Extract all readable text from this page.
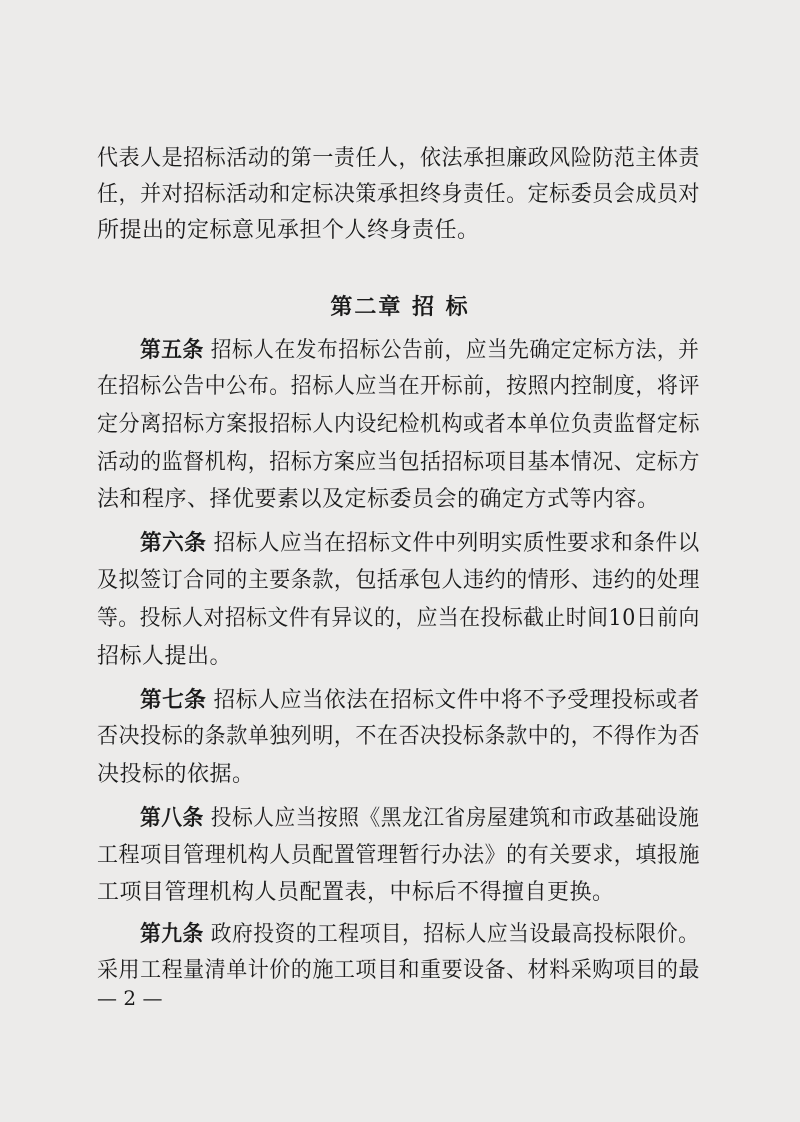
代表人是招标活动的第一责任人，依法承担廉政风险防范主体责
任，并对招标活动和定标决策承担终身责任。定标委员会成员对
所提出的定标意见承担个人终身责任。
第二章 招 标
第五条 招标人在发布招标公告前，应当先确定定标方法，并
在招标公告中公布。招标人应当在开标前，按照内控制度，将评
定分离招标方案报招标人内设纪检机构或者本单位负责监督定标
活动的监督机构，招标方案应当包括招标项目基本情况、定标方
法和程序、择优要素以及定标委员会的确定方式等内容。
第六条 招标人应当在招标文件中列明实质性要求和条件以
及拟签订合同的主要条款，包括承包人违约的情形、违约的处理
等。投标人对招标文件有异议的，应当在投标截止时间10日前向
招标人提出。
第七条 招标人应当依法在招标文件中将不予受理投标或者
否决投标的条款单独列明，不在否决投标条款中的，不得作为否
决投标的依据。
第八条 投标人应当按照《黑龙江省房屋建筑和市政基础设施
工程项目管理机构人员配置管理暂行办法》的有关要求，填报施
工项目管理机构人员配置表，中标后不得擅自更换。
第九条 政府投资的工程项目，招标人应当设最高投标限价。
采用工程量清单计价的施工项目和重要设备、材料采购项目的最
— 2 —
